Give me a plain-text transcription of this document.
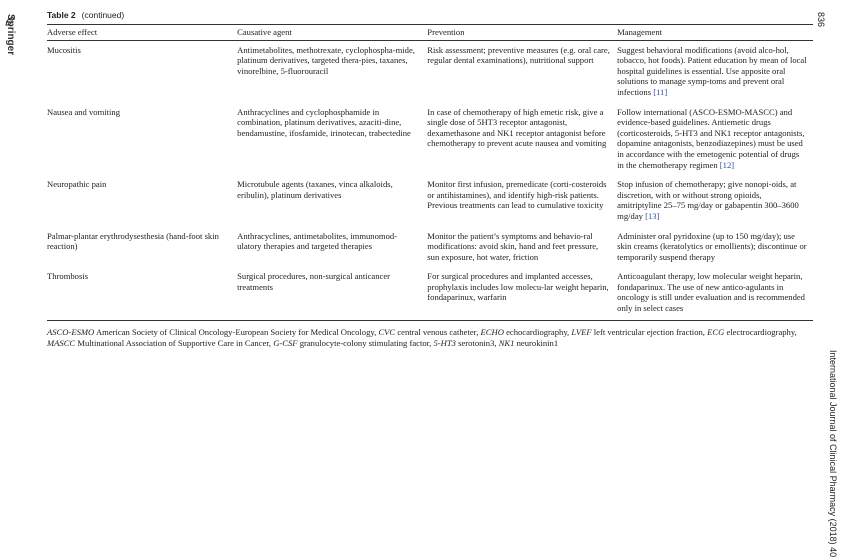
Springer	836
International Journal of Clinical Pharmacy (2018) 40
Table 2 (continued)
Adverse effect	Causative agent	Prevention	Management
Mucositis	Antimetabolites, methotrexate, cyclophospha-mide, platinum derivatives, targeted thera-pies, taxanes, vinorelbine, 5-fluorouracil	Risk assessment; preventive measures (e.g. oral care, regular dental examinations), nutritional support	Suggest behavioral modifications (avoid alco-hol, tobacco, hot foods). Patient education by mean of local hospital guidelines is essential. Use apposite oral solutions to manage symp-toms and prevent oral infections [11]
Nausea and vomiting	Anthracyclines and cyclophosphamide in combination, platinum derivatives, azaciti-dine, bendamustine, ifosfamide, irinotecan, trabectedine	In case of chemotherapy of high emetic risk, give a single dose of 5HT3 receptor antagonist, dexamethasone and NK1 receptor antagonist before chemotherapy to prevent acute nausea and vomiting	Follow international (ASCO-ESMO-MASCC) and evidence-based guidelines. Antiemetic drugs (corticosteroids, 5-HT3 and NK1 receptor antagonists, dopamine antagonists, benzodiazepines) must be used in accordance with the emetogenic potential of drugs in the chemotherapy regimen [12]
Neuropathic pain	Microtubule agents (taxanes, vinca alkaloids, eribulin), platinum derivatives	Monitor first infusion, premedicate (corti-costeroids or antihistamines), and identify high-risk patients. Previous treatments can lead to cumulative toxicity	Stop infusion of chemotherapy; give nonopi-oids, at discretion, with or without strong opioids, amitriptyline 25–75 mg/day or gabapentin 300–3600 mg/day [13]
Palmar-plantar erythrodysesthesia (hand-foot skin reaction)	Anthracyclines, antimetabolites, immunomod-ulatory therapies and targeted therapies	Monitor the patient’s symptoms and behavio-ral modifications: avoid skin, hand and feet pressure, sun exposure, hot water, friction	Administer oral pyridoxine (up to 150 mg/day); use skin creams (keratolytics or emollients); discontinue or temporarily suspend therapy
Thrombosis	Surgical procedures, non-surgical anticancer treatments	For surgical procedures and implanted accesses, prophylaxis includes low molecu-lar weight heparin, fondaparinux, warfarin	Anticoagulant therapy, low molecular weight heparin, fondaparinux. The use of new antico-agulants in oncology is still under evaluation and is recommended only in select cases
ASCO-ESMO American Society of Clinical Oncology-European Society for Medical Oncology, CVC central venous catheter, ECHO echocardiography, LVEF left ventricular ejection fraction, ECG electrocardiography, MASCC Multinational Association of Supportive Care in Cancer, G-CSF granulocyte-colony stimulating factor, 5-HT3 serotonin3, NK1 neurokinin1
